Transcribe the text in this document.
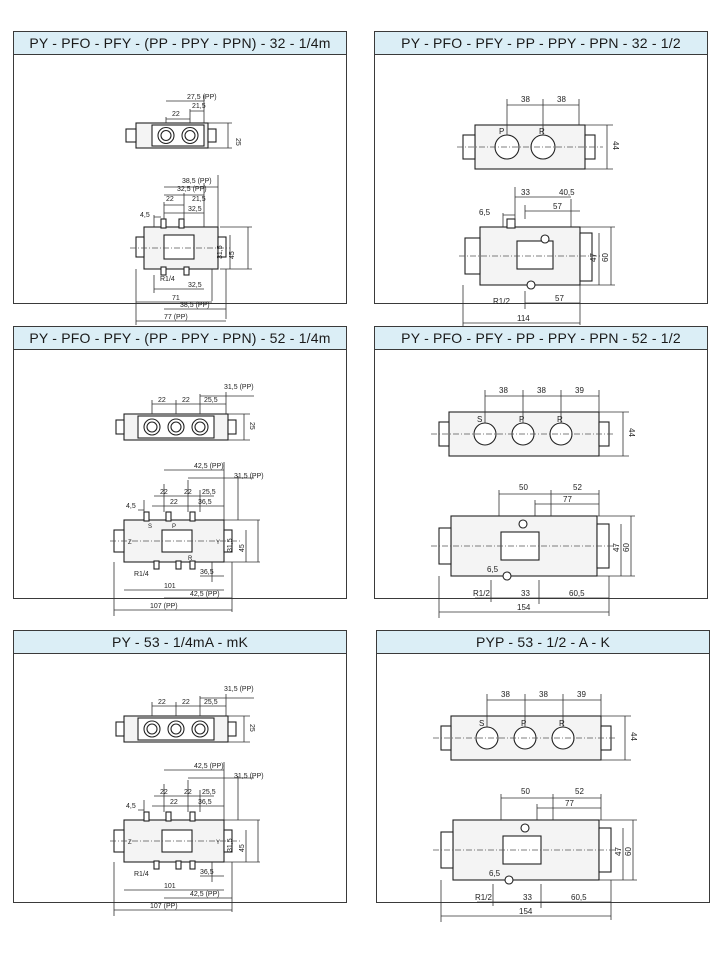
PY - PFO - PFY - (PP - PPY - PPN) - 32 - 1/4m
27,5 (PP)
21,5
22
25
38,5 (PP)
32,5 (PP)
22	21,5
32,5
4,5
31,5 45
R1/4
32,5
71
38,5 (PP)
77 (PP)
PY - PFO - PFY - PP - PPY - PPN - 32 - 1/2
38	38
P	R
44
33	40,5
6,5
57
47 60
R1/2	57
114
PY - PFO - PFY - (PP - PPY - PPN) - 52 - 1/4m
31,5 (PP)
22 22 25,5
25
42,5 (PP)
31,5 (PP)
22 22 25,5
4,5
22	36,5
Z
S	P
Y 31,5 45
R1/4
R
36,5
101
42,5 (PP)
107 (PP)
PY - PFO - PFY - PP - PPY - PPN - 52 - 1/2
38	38	39
S	P	R
44
50	52
77
47 60
6,5
R1/2	33	60,5
154
PY - 53 - 1/4mA - mK
31,5 (PP)
22 22 25,5
25
42,5 (PP)
31,5 (PP)
22 22 25,5
4,5
22	36,5
Z	Y 31,5 45
R1/4	36,5
101
42,5 (PP)
107 (PP)
PYP - 53 - 1/2 - A - K
38	38	39
S	P	R
44
50	52
77
47 60
6,5
R1/2	33	60,5
154
